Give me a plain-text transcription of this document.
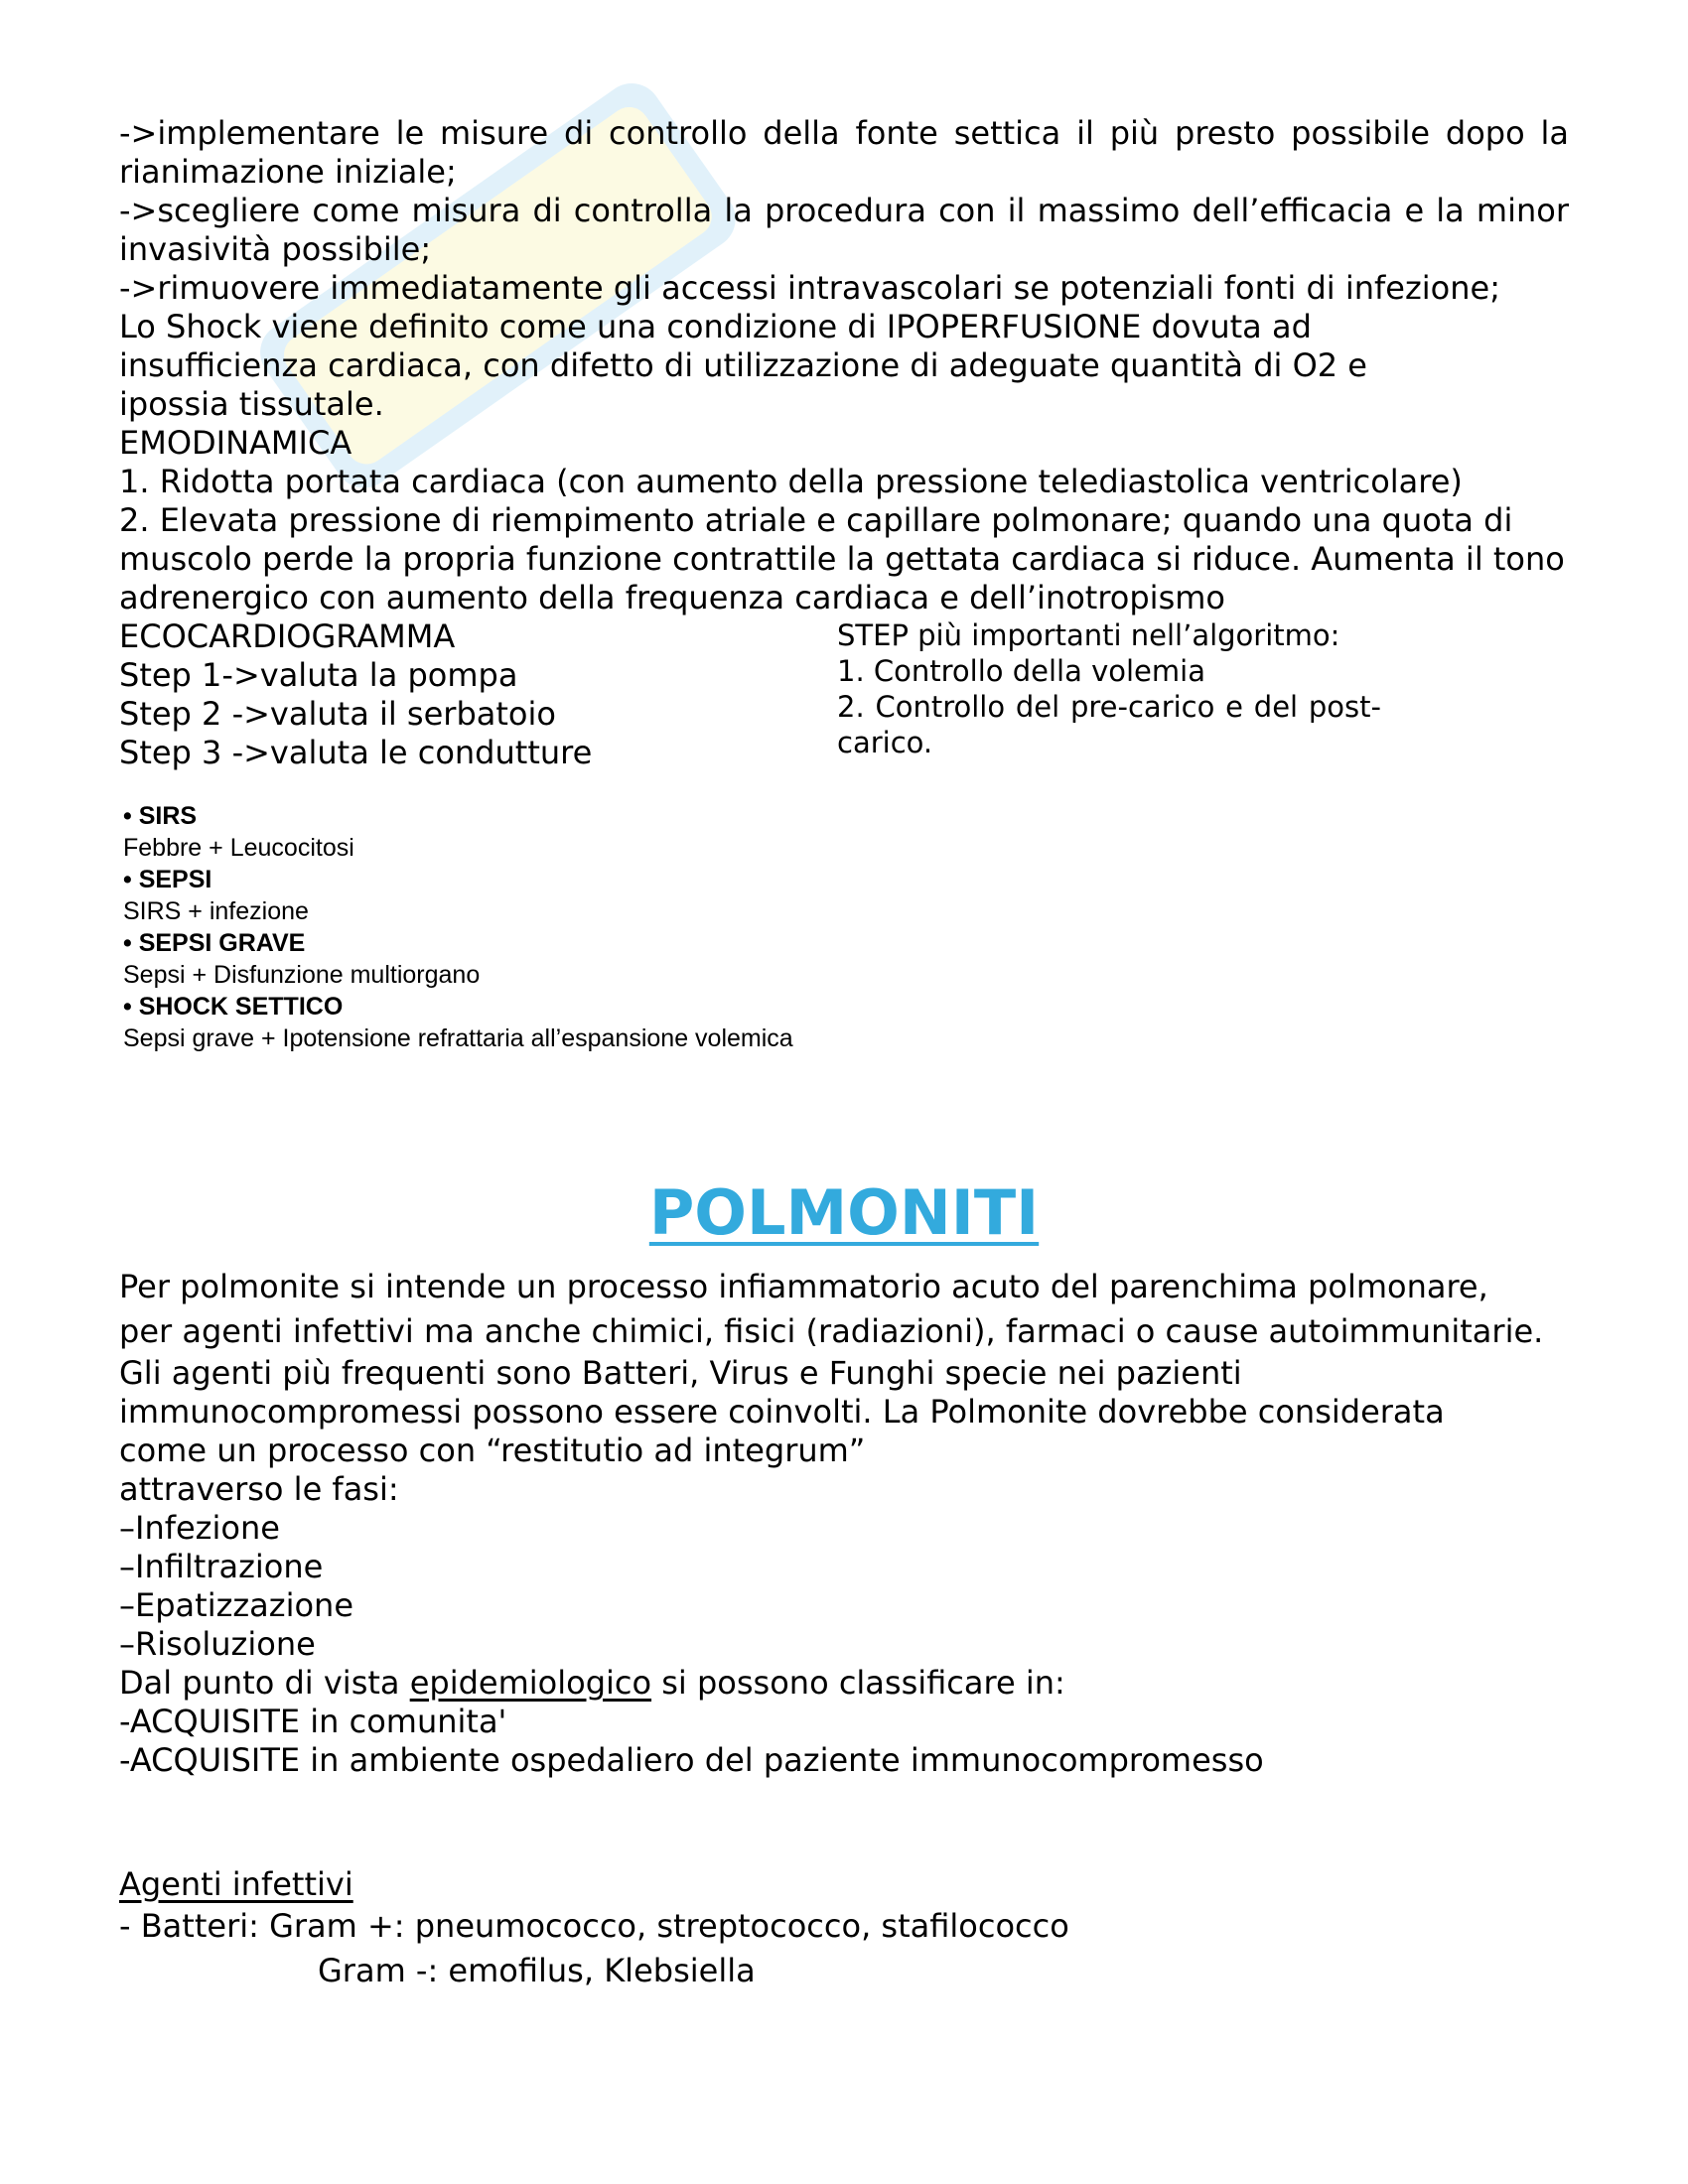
->implementare le misure di controllo della fonte settica il più presto possibile dopo la rianimazione iniziale;

->scegliere come misura di controlla la procedura con il massimo dell’efficacia e la minor invasività possibile;

->rimuovere immediatamente gli accessi intravascolari se potenziali fonti di infezione;

Lo Shock viene definito come una condizione di IPOPERFUSIONE dovuta ad insufficienza cardiaca, con difetto di utilizzazione di adeguate quantità di O2 e ipossia tissutale.

EMODINAMICA

1. Ridotta portata cardiaca (con aumento della pressione telediastolica ventricolare)

2. Elevata pressione di riempimento atriale e capillare polmonare; quando una quota di muscolo perde la propria funzione contrattile la gettata cardiaca si riduce. Aumenta il tono adrenergico con aumento della frequenza cardiaca e dell’inotropismo

ECOCARDIOGRAMMA

Step 1->valuta la pompa

Step 2 ->valuta il serbatoio

Step 3 ->valuta le condutture

STEP più importanti nell’algoritmo:

1. Controllo della volemia

2. Controllo del pre-carico e del post-carico.

• SIRS
Febbre + Leucocitosi
• SEPSI
SIRS + infezione
• SEPSI GRAVE
Sepsi + Disfunzione multiorgano
• SHOCK SETTICO
Sepsi grave + Ipotensione refrattaria all’espansione volemica
POLMONITI

Per polmonite si intende un processo infiammatorio acuto del parenchima polmonare, per agenti infettivi ma anche chimici, fisici (radiazioni), farmaci o cause autoimmunitarie.

Gli agenti più frequenti sono Batteri, Virus e Funghi specie nei pazienti immunocompromessi possono essere coinvolti. La Polmonite dovrebbe considerata come un processo con “restitutio ad integrum”

attraverso le fasi:

–Infezione

–Infiltrazione

–Epatizzazione

–Risoluzione

Dal punto di vista epidemiologico si possono classificare in:

-ACQUISITE in comunita'

-ACQUISITE in ambiente ospedaliero del paziente immunocompromesso

Agenti infettivi

- Batteri: Gram +: pneumococco, streptococco, stafilococco

Gram -: emofilus, Klebsiella
